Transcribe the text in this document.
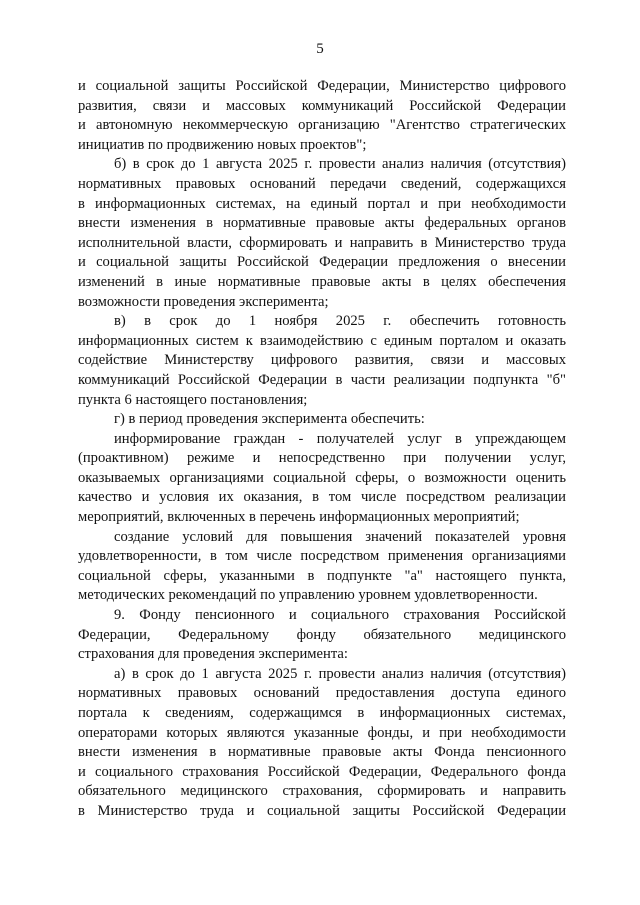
5

и социальной защиты Российской Федерации, Министерство цифрового
развития, связи и массовых коммуникаций Российской Федерации
и автономную некоммерческую организацию "Агентство стратегических
инициатив по продвижению новых проектов";

б) в срок до 1 августа 2025 г. провести анализ наличия (отсутствия)
нормативных правовых оснований передачи сведений, содержащихся
в информационных системах, на единый портал и при необходимости
внести изменения в нормативные правовые акты федеральных органов
исполнительной власти, сформировать и направить в Министерство труда
и социальной защиты Российской Федерации предложения о внесении
изменений в иные нормативные правовые акты в целях обеспечения
возможности проведения эксперимента;

в) в срок до 1 ноября 2025 г. обеспечить готовность
информационных систем к взаимодействию с единым порталом и оказать
содействие Министерству цифрового развития, связи и массовых
коммуникаций Российской Федерации в части реализации подпункта "б"
пункта 6 настоящего постановления;

г) в период проведения эксперимента обеспечить:

информирование граждан - получателей услуг в упреждающем
(проактивном) режиме и непосредственно при получении услуг,
оказываемых организациями социальной сферы, о возможности оценить
качество и условия их оказания, в том числе посредством реализации
мероприятий, включенных в перечень информационных мероприятий;

создание условий для повышения значений показателей уровня
удовлетворенности, в том числе посредством применения организациями
социальной сферы, указанными в подпункте "а" настоящего пункта,
методических рекомендаций по управлению уровнем удовлетворенности.

9. Фонду пенсионного и социального страхования Российской
Федерации, Федеральному фонду обязательного медицинского
страхования для проведения эксперимента:

а) в срок до 1 августа 2025 г. провести анализ наличия (отсутствия)
нормативных правовых оснований предоставления доступа единого
портала к сведениям, содержащимся в информационных системах,
операторами которых являются указанные фонды, и при необходимости
внести изменения в нормативные правовые акты Фонда пенсионного
и социального страхования Российской Федерации, Федерального фонда
обязательного медицинского страхования, сформировать и направить
в Министерство труда и социальной защиты Российской Федерации
